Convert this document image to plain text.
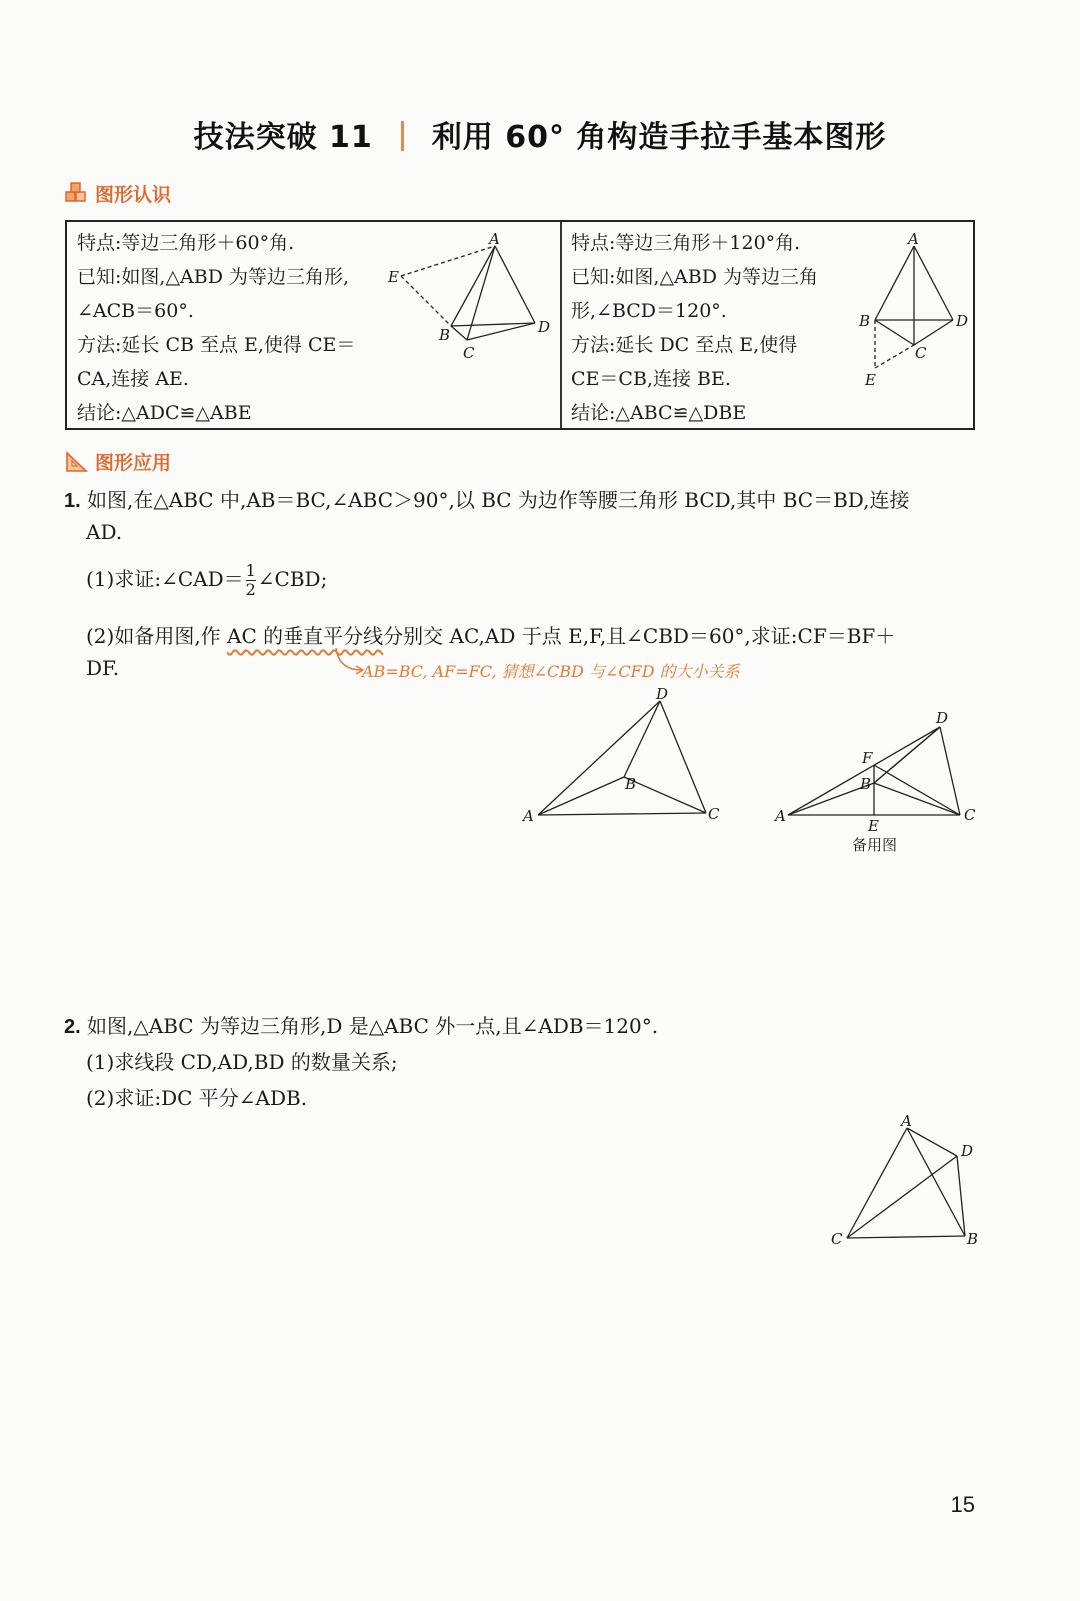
技法突破 11 利用 60° 角构造手拉手基本图形
图形认识
特点:等边三角形＋60°角.
已知:如图,△ABD 为等边三角形,
∠ACB＝60°.
方法:延长 CB 至点 E,使得 CE＝
CA,连接 AE.
结论:△ADC≌△ABE
特点:等边三角形＋120°角.
已知:如图,△ABD 为等边三角
形,∠BCD＝120°.
方法:延长 DC 至点 E,使得
CE＝CB,连接 BE.
结论:△ABC≌△DBE
A
E
B	D
C
A
B	D
C
E
图形应用
1. 如图,在△ABC 中,AB＝BC,∠ABC＞90°,以 BC 为边作等腰三角形 BCD,其中 BC＝BD,连接
AD.
(1)求证:∠CAD＝ $\frac{1}{2}$ ∠CBD;
(2)如备用图,作 AC 的垂直平分线分别交 AC,AD 于点 E,F,且∠CBD＝60°,求证:CF＝BF＋
DF.	AB=BC, AF=FC, 猜想∠CBD 与∠CFD 的大小关系
D
A
B
C
D
F
B
A	C
E
备用图
2. 如图,△ABC 为等边三角形,D 是△ABC 外一点,且∠ADB＝120°.
(1)求线段 CD,AD,BD 的数量关系;
(2)求证:DC 平分∠ADB.
A
D
C	B
15
